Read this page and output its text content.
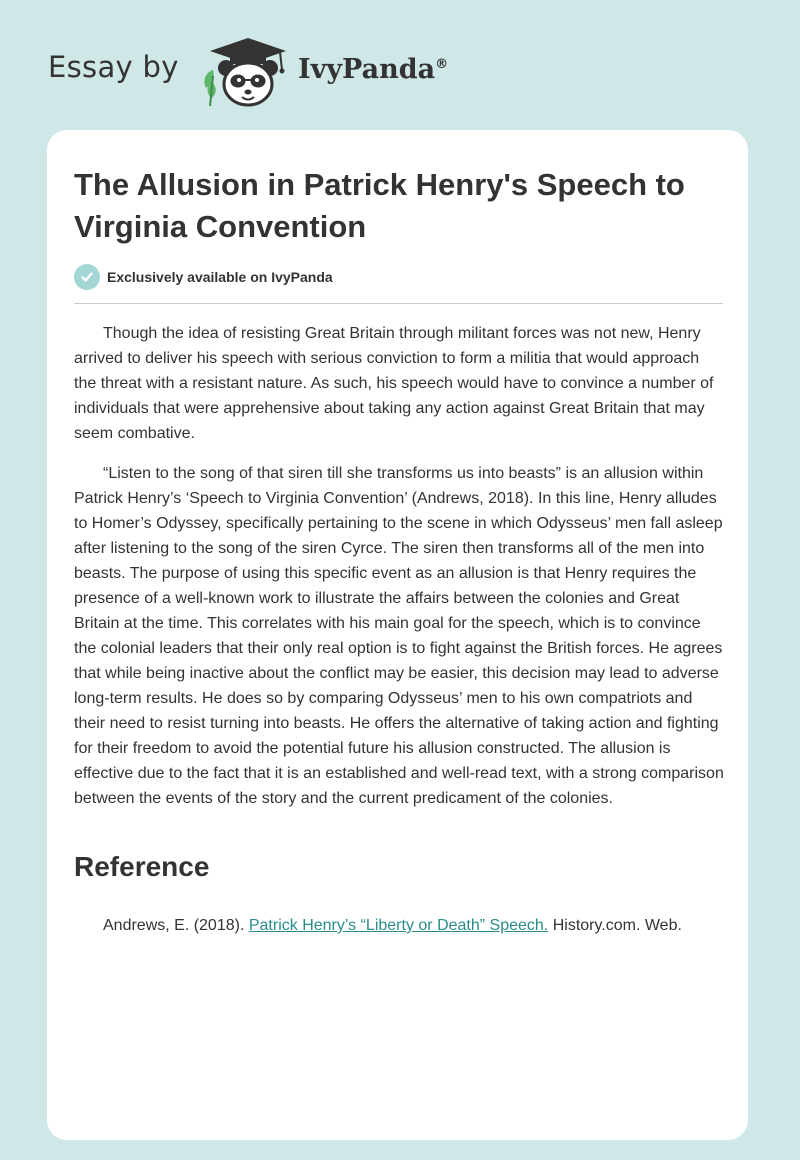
Essay by	IvyPanda®
The Allusion in Patrick Henry's Speech to Virginia Convention
Exclusively available on IvyPanda

Though the idea of resisting Great Britain through militant forces was not new, Henry arrived to deliver his speech with serious conviction to form a militia that would approach the threat with a resistant nature. As such, his speech would have to convince a number of individuals that were apprehensive about taking any action against Great Britain that may seem combative.

“Listen to the song of that siren till she transforms us into beasts” is an allusion within Patrick Henry’s ‘Speech to Virginia Convention’ (Andrews, 2018). In this line, Henry alludes to Homer’s Odyssey, specifically pertaining to the scene in which Odysseus’ men fall asleep after listening to the song of the siren Cyrce. The siren then transforms all of the men into beasts. The purpose of using this specific event as an allusion is that Henry requires the presence of a well-known work to illustrate the affairs between the colonies and Great Britain at the time. This correlates with his main goal for the speech, which is to convince the colonial leaders that their only real option is to fight against the British forces. He agrees that while being inactive about the conflict may be easier, this decision may lead to adverse long-term results. He does so by comparing Odysseus’ men to his own compatriots and their need to resist turning into beasts. He offers the alternative of taking action and fighting for their freedom to avoid the potential future his allusion constructed. The allusion is effective due to the fact that it is an established and well-read text, with a strong comparison between the events of the story and the current predicament of the colonies.

Reference

Andrews, E. (2018). Patrick Henry’s “Liberty or Death” Speech. History.com. Web.
